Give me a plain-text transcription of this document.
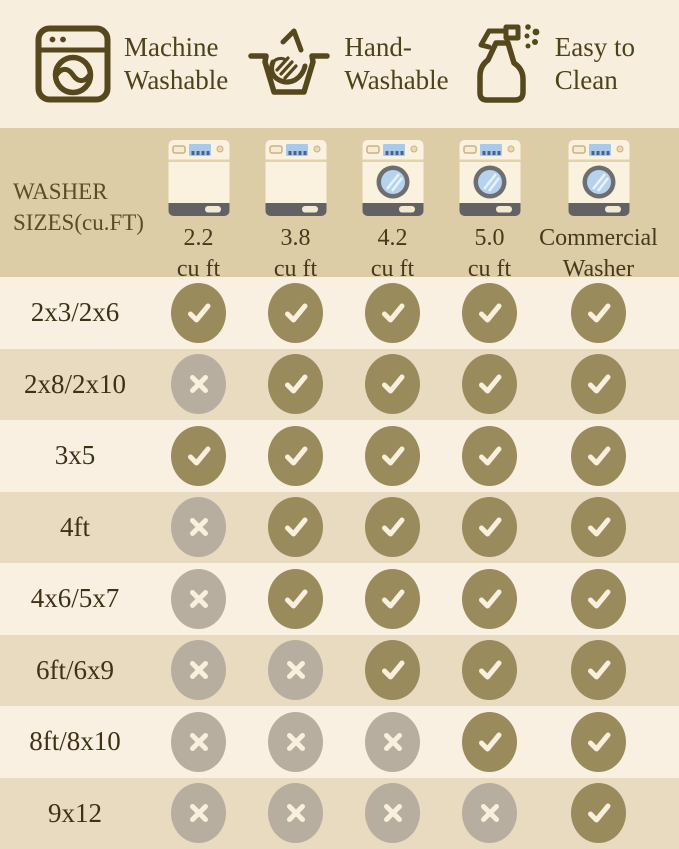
Machine
Washable
Hand-
Washable
Easy to
Clean
WASHER
SIZES(cu.FT)
2.2
cu ft
3.8
cu ft
4.2
cu ft
5.0
cu ft
Commercial
Washer
2x3/2x6
2x8/2x10
3x5
4ft
4x6/5x7
6ft/6x9
8ft/8x10
9x12
